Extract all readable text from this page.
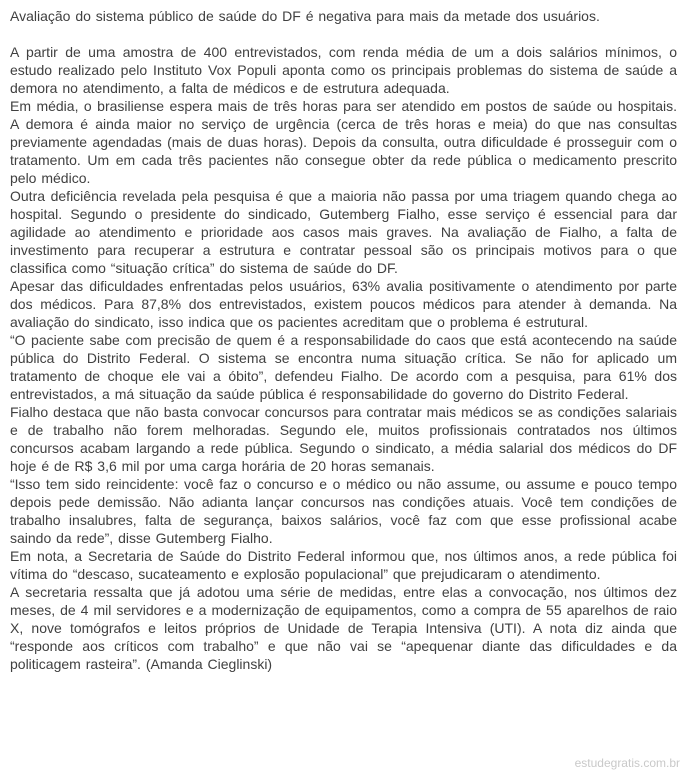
Avaliação do sistema público de saúde do DF é negativa para mais da metade dos usuários.

A partir de uma amostra de 400 entrevistados, com renda média de um a dois salários mínimos, o estudo realizado pelo Instituto Vox Populi aponta como os principais problemas do sistema de saúde a demora no atendimento, a falta de médicos e de estrutura adequada.

Em média, o brasiliense espera mais de três horas para ser atendido em postos de saúde ou hospitais. A demora é ainda maior no serviço de urgência (cerca de três horas e meia) do que nas consultas previamente agendadas (mais de duas horas). Depois da consulta, outra dificuldade é prosseguir com o tratamento. Um em cada três pacientes não consegue obter da rede pública o medicamento prescrito pelo médico.

Outra deficiência revelada pela pesquisa é que a maioria não passa por uma triagem quando chega ao hospital. Segundo o presidente do sindicado, Gutemberg Fialho, esse serviço é essencial para dar agilidade ao atendimento e prioridade aos casos mais graves. Na avaliação de Fialho, a falta de investimento para recuperar a estrutura e contratar pessoal são os principais motivos para o que classifica como “situação crítica” do sistema de saúde do DF.

Apesar das dificuldades enfrentadas pelos usuários, 63% avalia positivamente o atendimento por parte dos médicos. Para 87,8% dos entrevistados, existem poucos médicos para atender à demanda. Na avaliação do sindicato, isso indica que os pacientes acreditam que o problema é estrutural.

“O paciente sabe com precisão de quem é a responsabilidade do caos que está acontecendo na saúde pública do Distrito Federal. O sistema se encontra numa situação crítica. Se não for aplicado um tratamento de choque ele vai a óbito”, defendeu Fialho. De acordo com a pesquisa, para 61% dos entrevistados, a má situação da saúde pública é responsabilidade do governo do Distrito Federal.

Fialho destaca que não basta convocar concursos para contratar mais médicos se as condições salariais e de trabalho não forem melhoradas. Segundo ele, muitos profissionais contratados nos últimos concursos acabam largando a rede pública. Segundo o sindicato, a média salarial dos médicos do DF hoje é de R$ 3,6 mil por uma carga horária de 20 horas semanais.

“Isso tem sido reincidente: você faz o concurso e o médico ou não assume, ou assume e pouco tempo depois pede demissão. Não adianta lançar concursos nas condições atuais. Você tem condições de trabalho insalubres, falta de segurança, baixos salários, você faz com que esse profissional acabe saindo da rede”, disse Gutemberg Fialho.

Em nota, a Secretaria de Saúde do Distrito Federal informou que, nos últimos anos, a rede pública foi vítima do “descaso, sucateamento e explosão populacional” que prejudicaram o atendimento.

A secretaria ressalta que já adotou uma série de medidas, entre elas a convocação, nos últimos dez meses, de 4 mil servidores e a modernização de equipamentos, como a compra de 55 aparelhos de raio X, nove tomógrafos e leitos próprios de Unidade de Terapia Intensiva (UTI). A nota diz ainda que “responde aos críticos com trabalho” e que não vai se “apequenar diante das dificuldades e da politicagem rasteira”. (Amanda Cieglinski)

estudegratis.com.br
